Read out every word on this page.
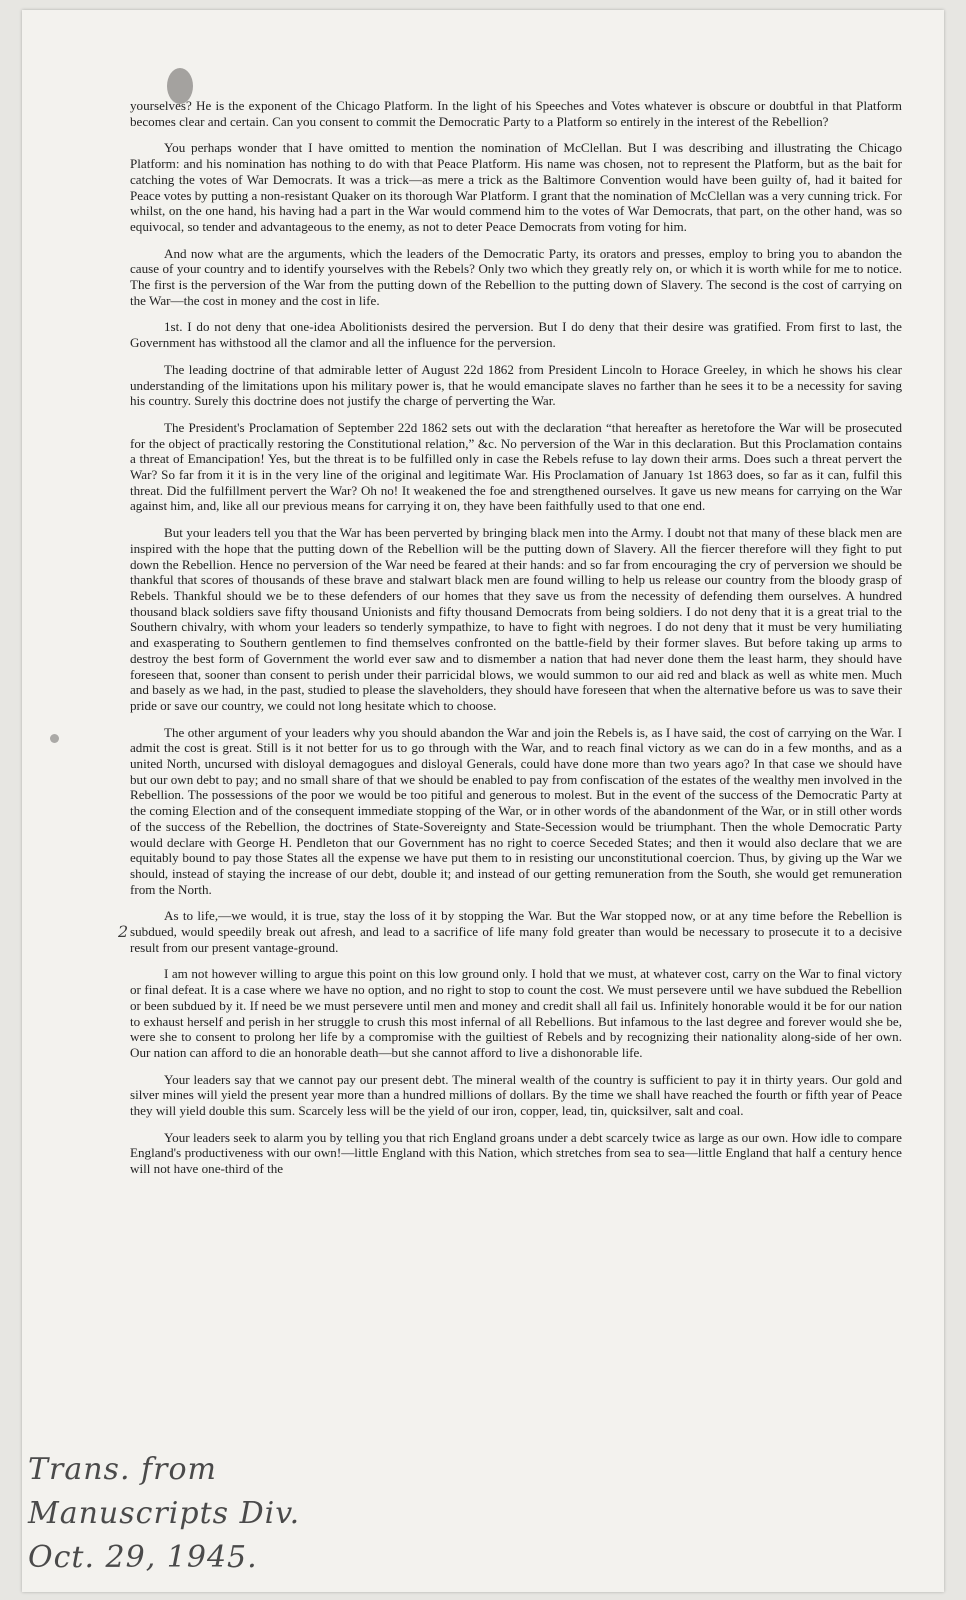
yourselves? He is the exponent of the Chicago Platform. In the light of his Speeches and Votes whatever is obscure or doubtful in that Platform becomes clear and certain. Can you consent to commit the Democratic Party to a Platform so entirely in the interest of the Rebellion?

You perhaps wonder that I have omitted to mention the nomination of McClellan. But I was describing and illustrating the Chicago Platform: and his nomination has nothing to do with that Peace Platform. His name was chosen, not to represent the Platform, but as the bait for catching the votes of War Democrats. It was a trick—as mere a trick as the Baltimore Convention would have been guilty of, had it baited for Peace votes by putting a non-resistant Quaker on its thorough War Platform. I grant that the nomination of McClellan was a very cunning trick. For whilst, on the one hand, his having had a part in the War would commend him to the votes of War Democrats, that part, on the other hand, was so equivocal, so tender and advantageous to the enemy, as not to deter Peace Democrats from voting for him.

And now what are the arguments, which the leaders of the Democratic Party, its orators and presses, employ to bring you to abandon the cause of your country and to identify yourselves with the Rebels? Only two which they greatly rely on, or which it is worth while for me to notice. The first is the perversion of the War from the putting down of the Rebellion to the putting down of Slavery. The second is the cost of carrying on the War—the cost in money and the cost in life.

1st. I do not deny that one-idea Abolitionists desired the perversion. But I do deny that their desire was gratified. From first to last, the Government has withstood all the clamor and all the influence for the perversion.

The leading doctrine of that admirable letter of August 22d 1862 from President Lincoln to Horace Greeley, in which he shows his clear understanding of the limitations upon his military power is, that he would emancipate slaves no farther than he sees it to be a necessity for saving his country. Surely this doctrine does not justify the charge of perverting the War.

The President's Proclamation of September 22d 1862 sets out with the declaration “that hereafter as heretofore the War will be prosecuted for the object of practically restoring the Constitutional relation,” &c. No perversion of the War in this declaration. But this Proclamation contains a threat of Emancipation! Yes, but the threat is to be fulfilled only in case the Rebels refuse to lay down their arms. Does such a threat pervert the War? So far from it it is in the very line of the original and legitimate War. His Proclamation of January 1st 1863 does, so far as it can, fulfil this threat. Did the fulfillment pervert the War? Oh no! It weakened the foe and strengthened ourselves. It gave us new means for carrying on the War against him, and, like all our previous means for carrying it on, they have been faithfully used to that one end.

But your leaders tell you that the War has been perverted by bringing black men into the Army. I doubt not that many of these black men are inspired with the hope that the putting down of the Rebellion will be the putting down of Slavery. All the fiercer therefore will they fight to put down the Rebellion. Hence no perversion of the War need be feared at their hands: and so far from encouraging the cry of perversion we should be thankful that scores of thousands of these brave and stalwart black men are found willing to help us release our country from the bloody grasp of Rebels. Thankful should we be to these defenders of our homes that they save us from the necessity of defending them ourselves. A hundred thousand black soldiers save fifty thousand Unionists and fifty thousand Democrats from being soldiers. I do not deny that it is a great trial to the Southern chivalry, with whom your leaders so tenderly sympathize, to have to fight with negroes. I do not deny that it must be very humiliating and exasperating to Southern gentlemen to find themselves confronted on the battle-field by their former slaves. But before taking up arms to destroy the best form of Government the world ever saw and to dismember a nation that had never done them the least harm, they should have foreseen that, sooner than consent to perish under their parricidal blows, we would summon to our aid red and black as well as white men. Much and basely as we had, in the past, studied to please the slaveholders, they should have foreseen that when the alternative before us was to save their pride or save our country, we could not long hesitate which to choose.

The other argument of your leaders why you should abandon the War and join the Rebels is, as I have said, the cost of carrying on the War. I admit the cost is great. Still is it not better for us to go through with the War, and to reach final victory as we can do in a few months, and as a united North, uncursed with disloyal demagogues and disloyal Generals, could have done more than two years ago? In that case we should have but our own debt to pay; and no small share of that we should be enabled to pay from confiscation of the estates of the wealthy men involved in the Rebellion. The possessions of the poor we would be too pitiful and generous to molest. But in the event of the success of the Democratic Party at the coming Election and of the consequent immediate stopping of the War, or in other words of the abandonment of the War, or in still other words of the success of the Rebellion, the doctrines of State-Sovereignty and State-Secession would be triumphant. Then the whole Democratic Party would declare with George H. Pendleton that our Government has no right to coerce Seceded States; and then it would also declare that we are equitably bound to pay those States all the expense we have put them to in resisting our unconstitutional coercion. Thus, by giving up the War we should, instead of staying the increase of our debt, double it; and instead of our getting remuneration from the South, she would get remuneration from the North.

As to life,—we would, it is true, stay the loss of it by stopping the War. But the War stopped now, or at any time before the Rebellion is subdued, would speedily break out afresh, and lead to a sacrifice of life many fold greater than would be necessary to prosecute it to a decisive result from our present vantage-ground.

I am not however willing to argue this point on this low ground only. I hold that we must, at whatever cost, carry on the War to final victory or final defeat. It is a case where we have no option, and no right to stop to count the cost. We must persevere until we have subdued the Rebellion or been subdued by it. If need be we must persevere until men and money and credit shall all fail us. Infinitely honorable would it be for our nation to exhaust herself and perish in her struggle to crush this most infernal of all Rebellions. But infamous to the last degree and forever would she be, were she to consent to prolong her life by a compromise with the guiltiest of Rebels and by recognizing their nationality along-side of her own. Our nation can afford to die an honorable death—but she cannot afford to live a dishonorable life.

Your leaders say that we cannot pay our present debt. The mineral wealth of the country is sufficient to pay it in thirty years. Our gold and silver mines will yield the present year more than a hundred millions of dollars. By the time we shall have reached the fourth or fifth year of Peace they will yield double this sum. Scarcely less will be the yield of our iron, copper, lead, tin, quicksilver, salt and coal.

Your leaders seek to alarm you by telling you that rich England groans under a debt scarcely twice as large as our own. How idle to compare England's productiveness with our own!—little England with this Nation, which stretches from sea to sea—little England that half a century hence will not have one-third of the

2
Trans. from
Manuscripts Div.
Oct. 29, 1945.
